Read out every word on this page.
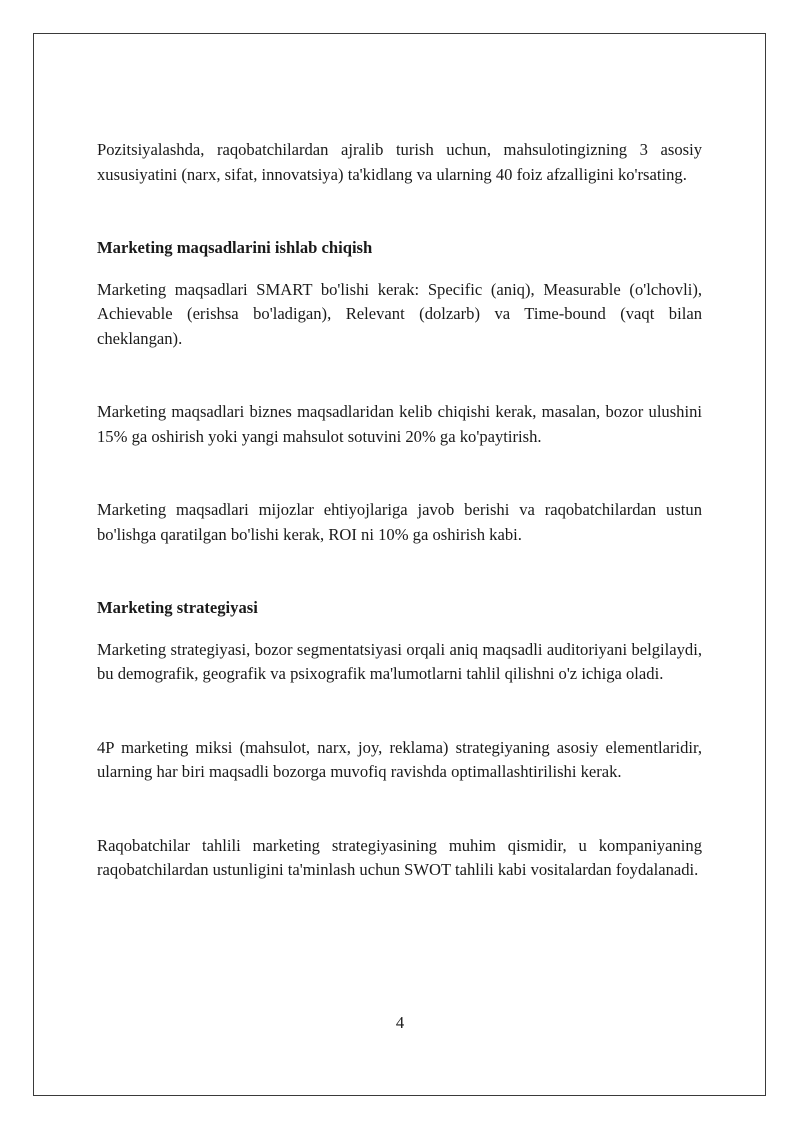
Pozitsiyalashda, raqobatchilardan ajralib turish uchun, mahsulotingizning 3 asosiy xususiyatini (narx, sifat, innovatsiya) ta'kidlang va ularning 40 foiz afzalligini ko'rsating.

Marketing maqsadlarini ishlab chiqish

Marketing maqsadlari SMART bo'lishi kerak: Specific (aniq), Measurable (o'lchovli), Achievable (erishsa bo'ladigan), Relevant (dolzarb) va Time-bound (vaqt bilan cheklangan).

Marketing maqsadlari biznes maqsadlaridan kelib chiqishi kerak, masalan, bozor ulushini 15% ga oshirish yoki yangi mahsulot sotuvini 20% ga ko'paytirish.

Marketing maqsadlari mijozlar ehtiyojlariga javob berishi va raqobatchilardan ustun bo'lishga qaratilgan bo'lishi kerak, ROI ni 10% ga oshirish kabi.

Marketing strategiyasi

Marketing strategiyasi, bozor segmentatsiyasi orqali aniq maqsadli auditoriyani belgilaydi, bu demografik, geografik va psixografik ma'lumotlarni tahlil qilishni o'z ichiga oladi.

4P marketing miksi (mahsulot, narx, joy, reklama) strategiyaning asosiy elementlaridir, ularning har biri maqsadli bozorga muvofiq ravishda optimallashtirilishi kerak.

Raqobatchilar tahlili marketing strategiyasining muhim qismidir, u kompaniyaning raqobatchilardan ustunligini ta'minlash uchun SWOT tahlili kabi vositalardan foydalanadi.

4
